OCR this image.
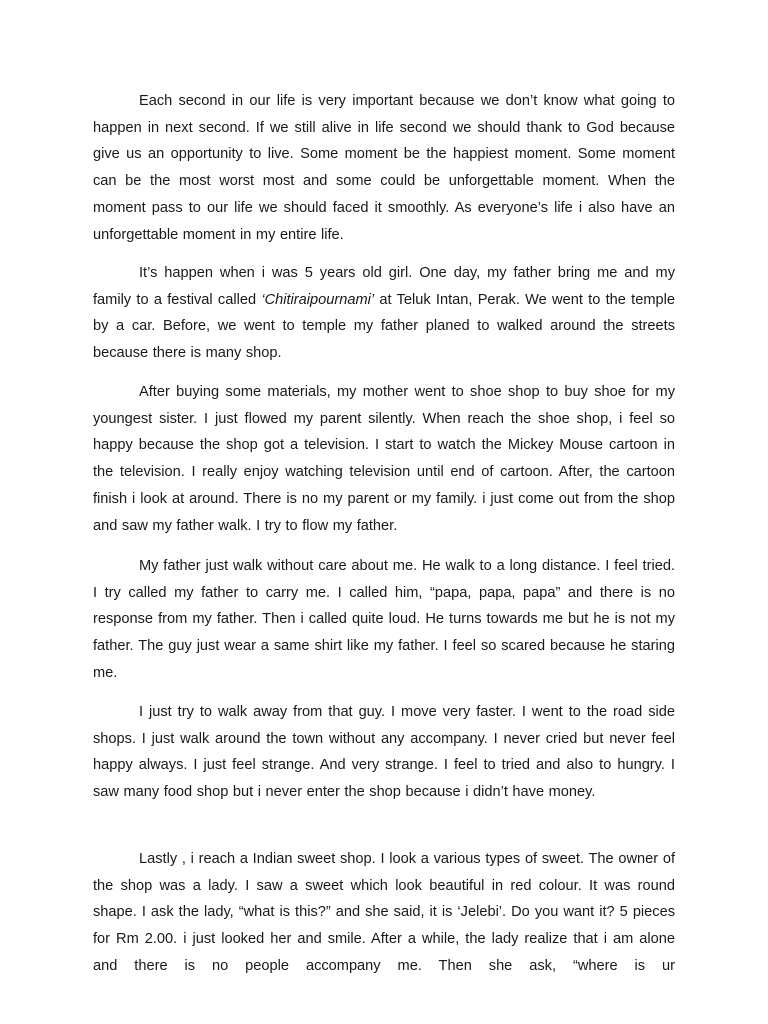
Each second in our life is very important because we don’t know what going to happen in next second. If we still alive in life second we should thank to God because give us an opportunity to live. Some moment be the happiest moment. Some moment can be the most worst most and some could be unforgettable moment. When the moment pass to our life we should faced it smoothly. As everyone’s life i also have an unforgettable moment in my entire life.

It’s happen when i was 5 years old girl. One day, my father bring me and my family to a festival called ‘Chitiraipournami’ at Teluk Intan, Perak. We went to the temple by a car. Before, we went to temple my father planed to walked around the streets because there is many shop.

After buying some materials, my mother went to shoe shop to buy shoe for my youngest sister. I just flowed my parent silently. When reach the shoe shop, i feel so happy because the shop got a television. I start to watch the Mickey Mouse cartoon in the television. I really enjoy watching television until end of cartoon. After, the cartoon finish i look at around. There is no my parent or my family. i just come out from the shop and saw my father walk. I try to flow my father.

My father just walk without care about me. He walk to a long distance. I feel tried. I try called my father to carry me. I called him, “papa, papa, papa” and there is no response from my father. Then i called quite loud. He turns towards me but he is not my father. The guy just wear a same shirt like my father. I feel so scared because he staring me.

I just try to walk away from that guy. I move very faster. I went to the road side shops. I just walk around the town without any accompany. I never cried but never feel happy always. I just feel strange. And very strange. I feel to tried and also to hungry. I saw many food shop but i never enter the shop because i didn’t have money.

Lastly , i reach a Indian sweet shop. I look a various types of sweet. The owner of the shop was a lady. I saw a sweet which look beautiful in red colour. It was round shape. I ask the lady, “what is this?” and she said, it is ‘Jelebi’. Do you want it? 5 pieces for Rm 2.00. i just looked her and smile. After a while, the lady realize that i am alone and there is no people accompany me. Then she ask, “where is ur
